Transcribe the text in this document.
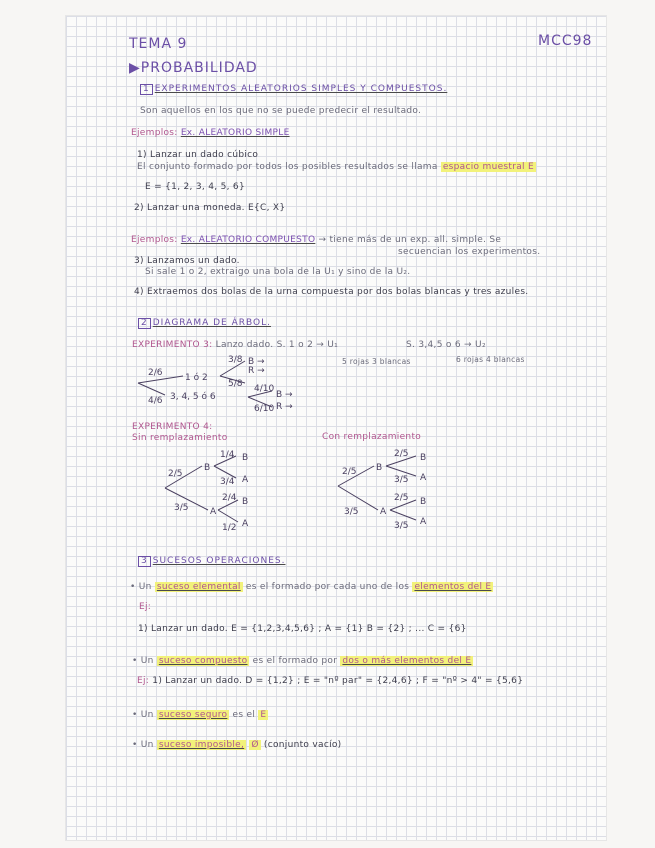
TEMA 9	MCC98
▶PROBABILIDAD
1 EXPERIMENTOS ALEATORIOS SIMPLES Y COMPUESTOS.
Son aquellos en los que no se puede predecir el resultado.
Ejemplos: Ex. ALEATORIO SIMPLE
1) Lanzar un dado cúbico
El conjunto formado por todos los posibles resultados se llama espacio muestral E
E = {1, 2, 3, 4, 5, 6}
2) Lanzar una moneda. E{C, X}
Ejemplos: Ex. ALEATORIO COMPUESTO → tiene más de un exp. all. simple. Se
secuencian los experimentos.
3) Lanzamos un dado.
Si sale 1 o 2, extraigo una bola de la U₁ y sino de la U₂.
4) Extraemos dos bolas de la urna compuesta por dos bolas blancas y tres azules.
2 DIAGRAMA DE ÁRBOL.
EXPERIMENTO 3: Lanzo dado. S. 1 o 2 → U₁	S. 3,4,5 o 6 → U₂
5 rojas 3 blancas	6 rojas 4 blancas
2/6
4/6
1 ó 2
3, 4, 5 ó 6
3/8 B →
5/8
R →
4/10
B →
6/10 R →
EXPERIMENTO 4:
Sin remplazamiento	Con remplazamiento
2/5
3/5
B
A
1/4 B
3/4 A
2/4 B
1/2 A
2/5
3/5
B
A
2/5 B
3/5 A
2/5 B
3/5 A
3 SUCESOS OPERACIONES.
• Un suceso elemental es el formado por cada uno de los elementos del E
Ej:
1) Lanzar un dado. E = {1,2,3,4,5,6} ; A = {1} B = {2} ; ... C = {6}
• Un suceso compuesto es el formado por dos o más elementos del E
Ej: 1) Lanzar un dado. D = {1,2} ; E = "nº par" = {2,4,6} ; F = "nº > 4" = {5,6}
• Un suceso seguro es el E
• Un suceso imposible, Ø (conjunto vacío)
